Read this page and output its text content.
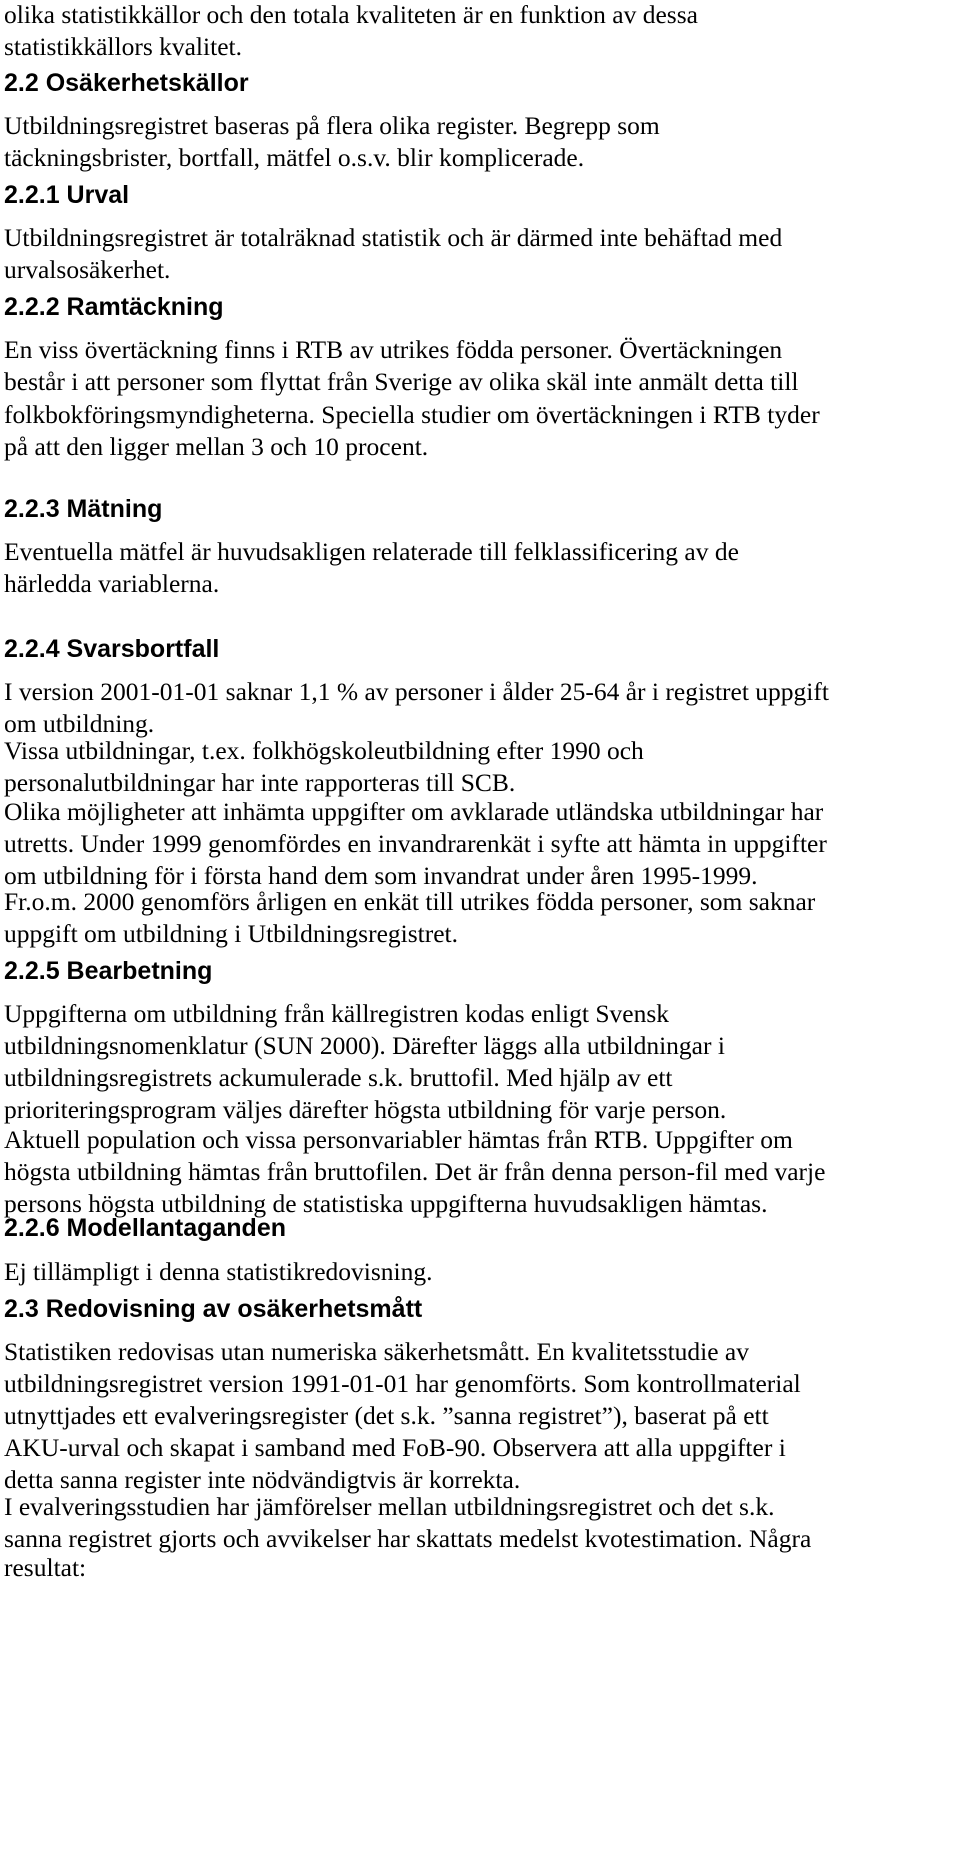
olika statistikkällor och den totala kvaliteten är en funktion av dessa
statistikkällors kvalitet.
2.2 Osäkerhetskällor
Utbildningsregistret baseras på flera olika register. Begrepp som
täckningsbrister, bortfall, mätfel o.s.v. blir komplicerade.
2.2.1 Urval
Utbildningsregistret är totalräknad statistik och är därmed inte behäftad med
urvalsosäkerhet.
2.2.2 Ramtäckning
En viss övertäckning finns i RTB av utrikes födda personer. Övertäckningen
består i att personer som flyttat från Sverige av olika skäl inte anmält detta till
folkbokföringsmyndigheterna. Speciella studier om övertäckningen i RTB tyder
på att den ligger mellan 3 och 10 procent.
2.2.3 Mätning
Eventuella mätfel är huvudsakligen relaterade till felklassificering av de
härledda variablerna.
2.2.4 Svarsbortfall
I version 2001-01-01 saknar 1,1 % av personer i ålder 25-64 år i registret uppgift
om utbildning.
Vissa utbildningar, t.ex. folkhögskoleutbildning efter 1990 och
personalutbildningar har inte rapporteras till SCB.
Olika möjligheter att inhämta uppgifter om avklarade utländska utbildningar har
utretts. Under 1999 genomfördes en invandrarenkät i syfte att hämta in uppgifter
om utbildning för i första hand dem som invandrat under åren 1995-1999.
Fr.o.m. 2000 genomförs årligen en enkät till utrikes födda personer, som saknar
uppgift om utbildning i Utbildningsregistret.
2.2.5 Bearbetning
Uppgifterna om utbildning från källregistren kodas enligt Svensk
utbildningsnomenklatur (SUN 2000). Därefter läggs alla utbildningar i
utbildningsregistrets ackumulerade s.k. bruttofil. Med hjälp av ett
prioriteringsprogram väljes därefter högsta utbildning för varje person.
Aktuell population och vissa personvariabler hämtas från RTB. Uppgifter om
högsta utbildning hämtas från bruttofilen. Det är från denna person-fil med varje
persons högsta utbildning de statistiska uppgifterna huvudsakligen hämtas.
2.2.6 Modellantaganden
Ej tillämpligt i denna statistikredovisning.
2.3 Redovisning av osäkerhetsmått
Statistiken redovisas utan numeriska säkerhetsmått. En kvalitetsstudie av
utbildningsregistret version 1991-01-01 har genomförts. Som kontrollmaterial
utnyttjades ett evalveringsregister (det s.k. ”sanna registret”), baserat på ett
AKU-urval och skapat i samband med FoB-90. Observera att alla uppgifter i
detta sanna register inte nödvändigtvis är korrekta.
I evalveringsstudien har jämförelser mellan utbildningsregistret och det s.k.
sanna registret gjorts och avvikelser har skattats medelst kvotestimation. Några
resultat:
